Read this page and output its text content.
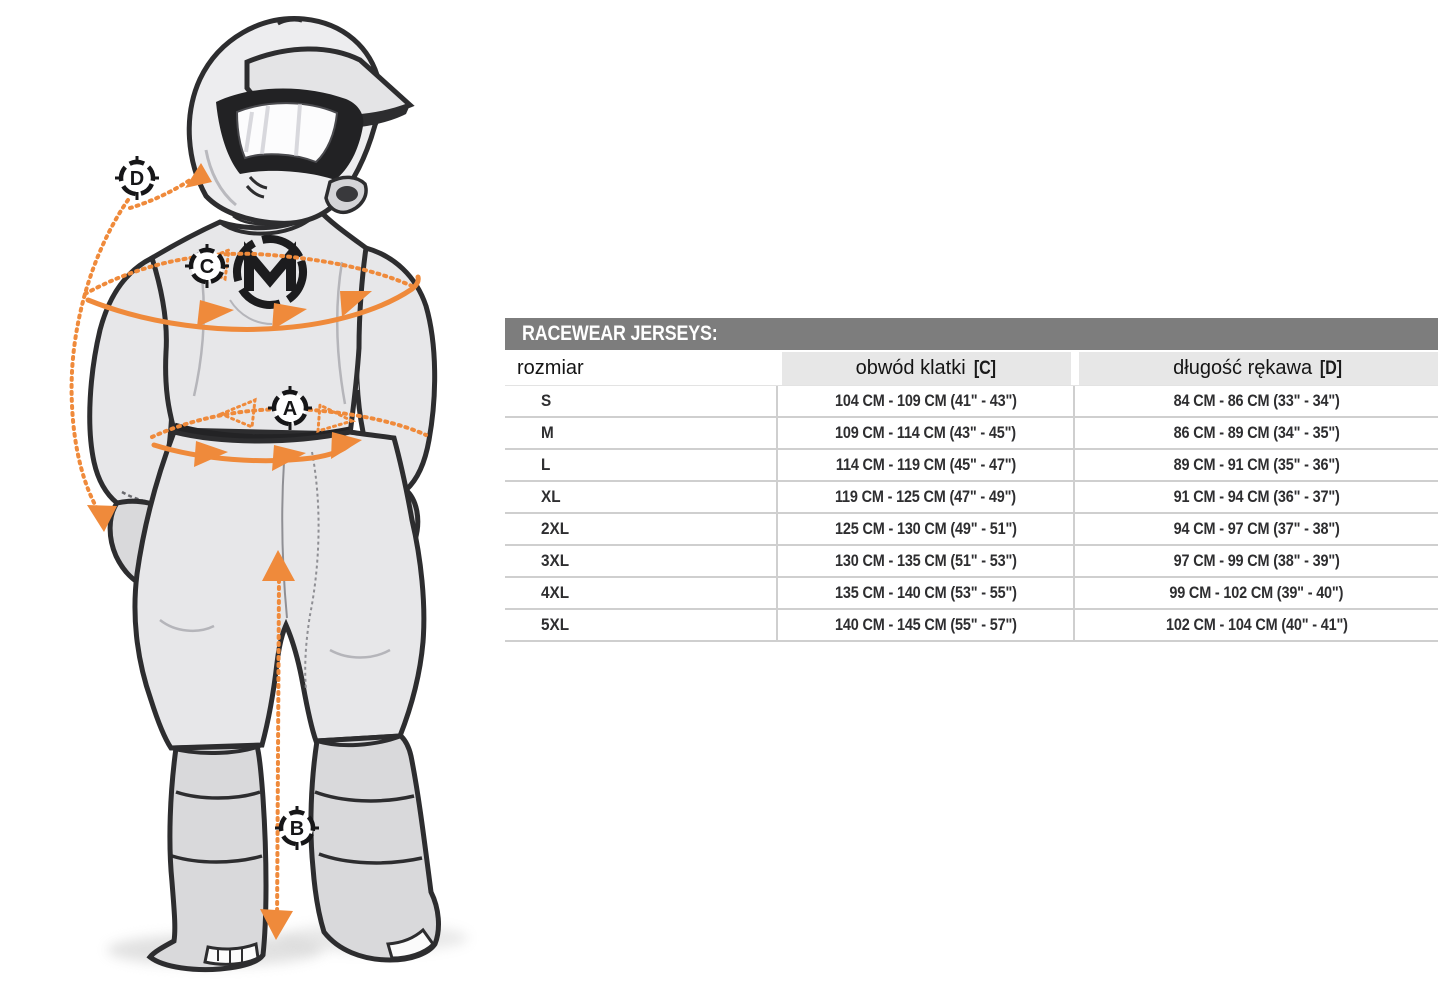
D
C
A
B
RACEWEAR JERSEYS:
rozmiar	obwód klatki [C]	długość rękawa [D]
S	104 CM - 109 CM (41" - 43")	84 CM - 86 CM (33" - 34")
M	109 CM - 114 CM (43" - 45")	86 CM - 89 CM (34" - 35")
L	114 CM - 119 CM (45" - 47")	89 CM - 91 CM (35" - 36")
XL	119 CM - 125 CM (47" - 49")	91 CM - 94 CM (36" - 37")
2XL	125 CM - 130 CM (49" - 51")	94 CM - 97 CM (37" - 38")
3XL	130 CM - 135 CM (51" - 53")	97 CM - 99 CM (38" - 39")
4XL	135 CM - 140 CM (53" - 55")	99 CM - 102 CM (39" - 40")
5XL	140 CM - 145 CM (55" - 57")	102 CM - 104 CM (40" - 41")
